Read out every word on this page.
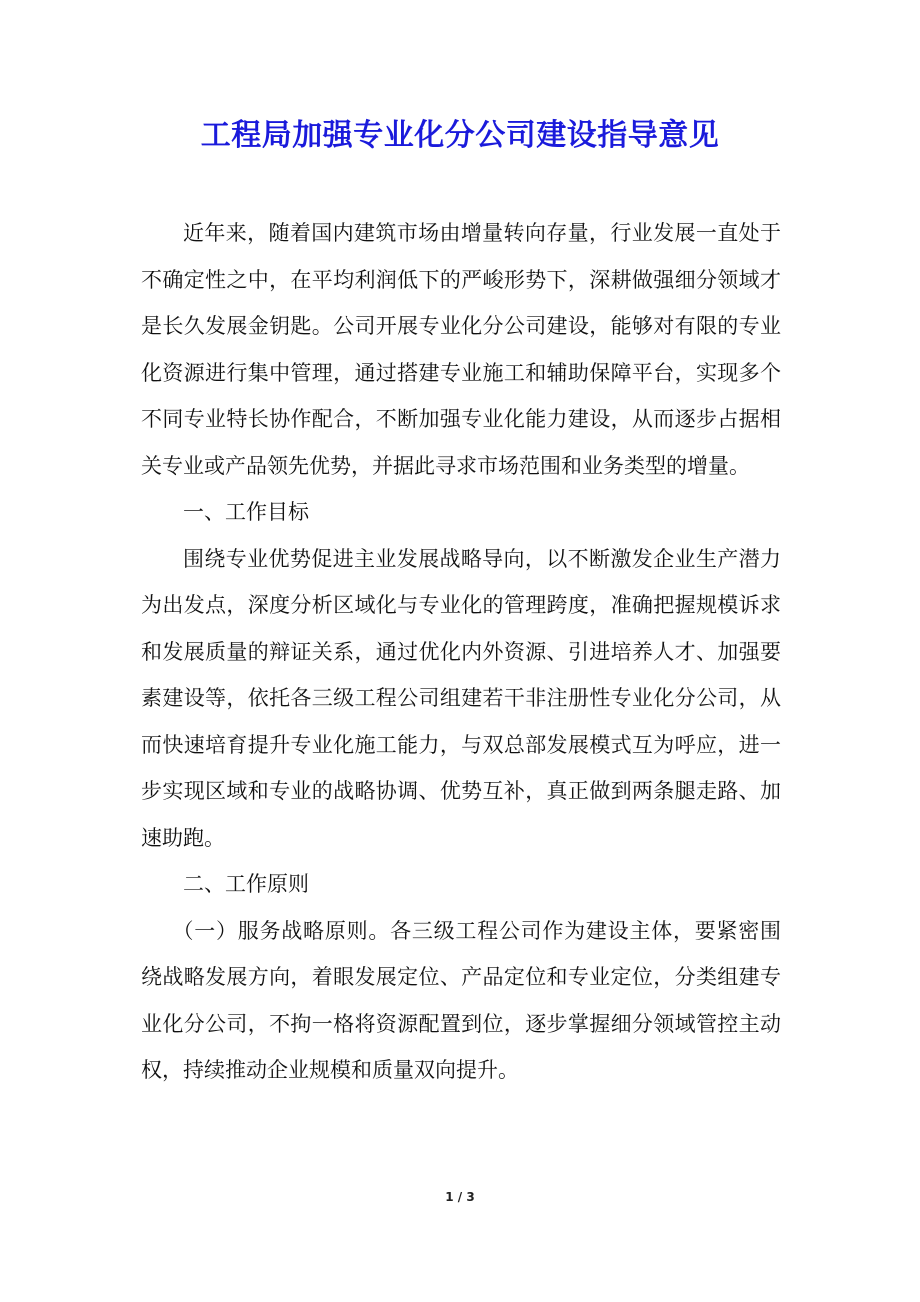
工程局加强专业化分公司建设指导意见

近年来，随着国内建筑市场由增量转向存量，行业发展一直处于不确定性之中，在平均利润低下的严峻形势下，深耕做强细分领域才是长久发展金钥匙。公司开展专业化分公司建设，能够对有限的专业化资源进行集中管理，通过搭建专业施工和辅助保障平台，实现多个不同专业特长协作配合，不断加强专业化能力建设，从而逐步占据相关专业或产品领先优势，并据此寻求市场范围和业务类型的增量。

一、工作目标

围绕专业优势促进主业发展战略导向，以不断激发企业生产潜力为出发点，深度分析区域化与专业化的管理跨度，准确把握规模诉求和发展质量的辩证关系，通过优化内外资源、引进培养人才、加强要素建设等，依托各三级工程公司组建若干非注册性专业化分公司，从而快速培育提升专业化施工能力，与双总部发展模式互为呼应，进一步实现区域和专业的战略协调、优势互补，真正做到两条腿走路、加速助跑。

二、工作原则

（一）服务战略原则。各三级工程公司作为建设主体，要紧密围绕战略发展方向，着眼发展定位、产品定位和专业定位，分类组建专业化分公司，不拘一格将资源配置到位，逐步掌握细分领域管控主动权，持续推动企业规模和质量双向提升。

1 / 3
